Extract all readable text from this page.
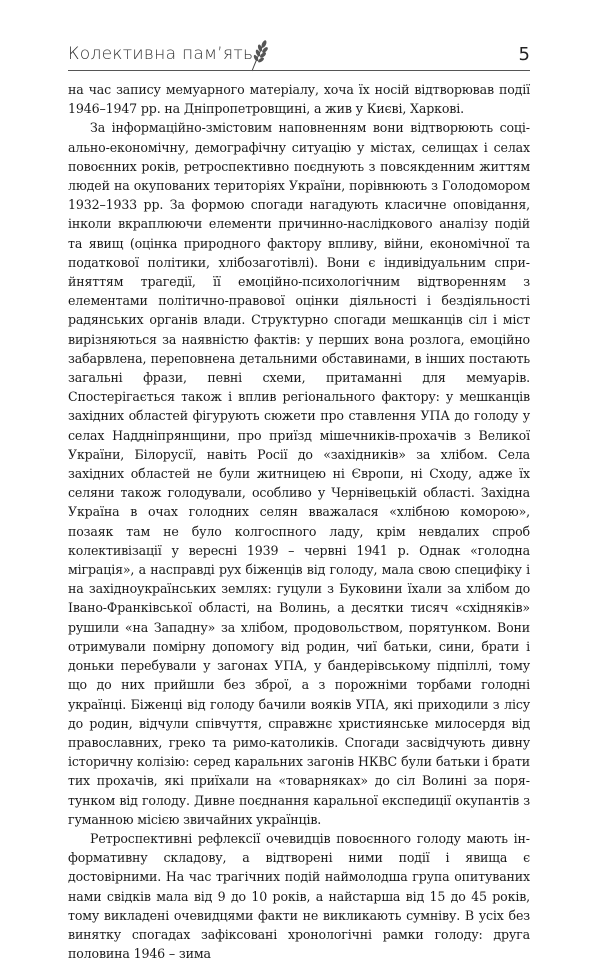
Колективна пам’ять	5

на час запису мемуарного матеріалу, хоча їх носій відтворював події 1946–1947 рр. на Дніпропетровщині, а жив у Києві, Харкові.

За інформаційно-змістовим наповненням вони відтворюють соціально-економічну, демографічну ситуацію у містах, селищах і селах повоєнних років, ретроспективно поєднують з повсякденним життям людей на окупованих територіях України, порівнюють з Голодомором 1932–1933 рр. За формою спогади нагадують класичне оповідання, інколи вкраплюючи елементи причинно-наслідкового аналізу подій та явищ (оцінка природного фактору впливу, війни, економічної та податкової політики, хлібозаготівлі). Вони є індивідуальним сприйняттям трагедії, її емоційно-психологічним відтворенням з елементами політично-правової оцінки діяльності і бездіяльності радянських органів влади. Структурно спогади мешканців сіл і міст вирізняються за наявністю фактів: у перших вона розлога, емоційно забарвлена, переповнена детальними обставинами, в інших постають загальні фрази, певні схеми, притаманні для мемуарів. Спостерігається також і вплив регіонального фактору: у мешканців західних областей фігурують сюжети про ставлення УПА до голоду у селах Наддніпрянщини, про приїзд мішечників-прохачів з Великої України, Білорусії, навіть Росії до «західників» за хлібом. Села західних областей не були житницею ні Європи, ні Сходу, адже їх селяни також голодували, особливо у Чернівецькій області. Західна Україна в очах голодних селян вважалася «хлібною коморою», позаяк там не було колгоспного ладу, крім невдалих спроб колективізації у вересні 1939 – червні 1941 р. Однак «голодна міграція», а насправді рух біженців від голоду, мала свою специфіку і на західноукраїнських землях: гуцули з Буковини їхали за хлібом до Івано-Франківської області, на Волинь, а десятки тисяч «східняків» рушили «на Западну» за хлібом, продовольством, порятунком. Вони отримували помірну допомогу від родин, чиї батьки, сини, брати і доньки перебували у загонах УПА, у бандерівському підпіллі, тому що до них прийшли без зброї, а з порожніми торбами голодні українці. Біженці від голоду бачили вояків УПА, які приходили з лісу до родин, відчули співчуття, справжнє християнське милосердя від православних, греко та римо-католиків. Спогади засвідчують дивну історичну колізію: серед каральних загонів НКВС були батьки і брати тих прохачів, які приїхали на «товарняках» до сіл Волині за порятунком від голоду. Дивне поєднання каральної експедиції окупантів з гуманною місією звичайних українців.

Ретроспективні рефлексії очевидців повоєнного голоду мають інформативну складову, а відтворені ними події і явища є достовірними. На час трагічних подій наймолодша група опитуваних нами свідків мала від 9 до 10 років, а найстарша від 15 до 45 років, тому викладені очевидцями факти не викликають сумніву. В усіх без винятку спогадах зафіксовані хронологічні рамки голоду: друга половина 1946 – зима
